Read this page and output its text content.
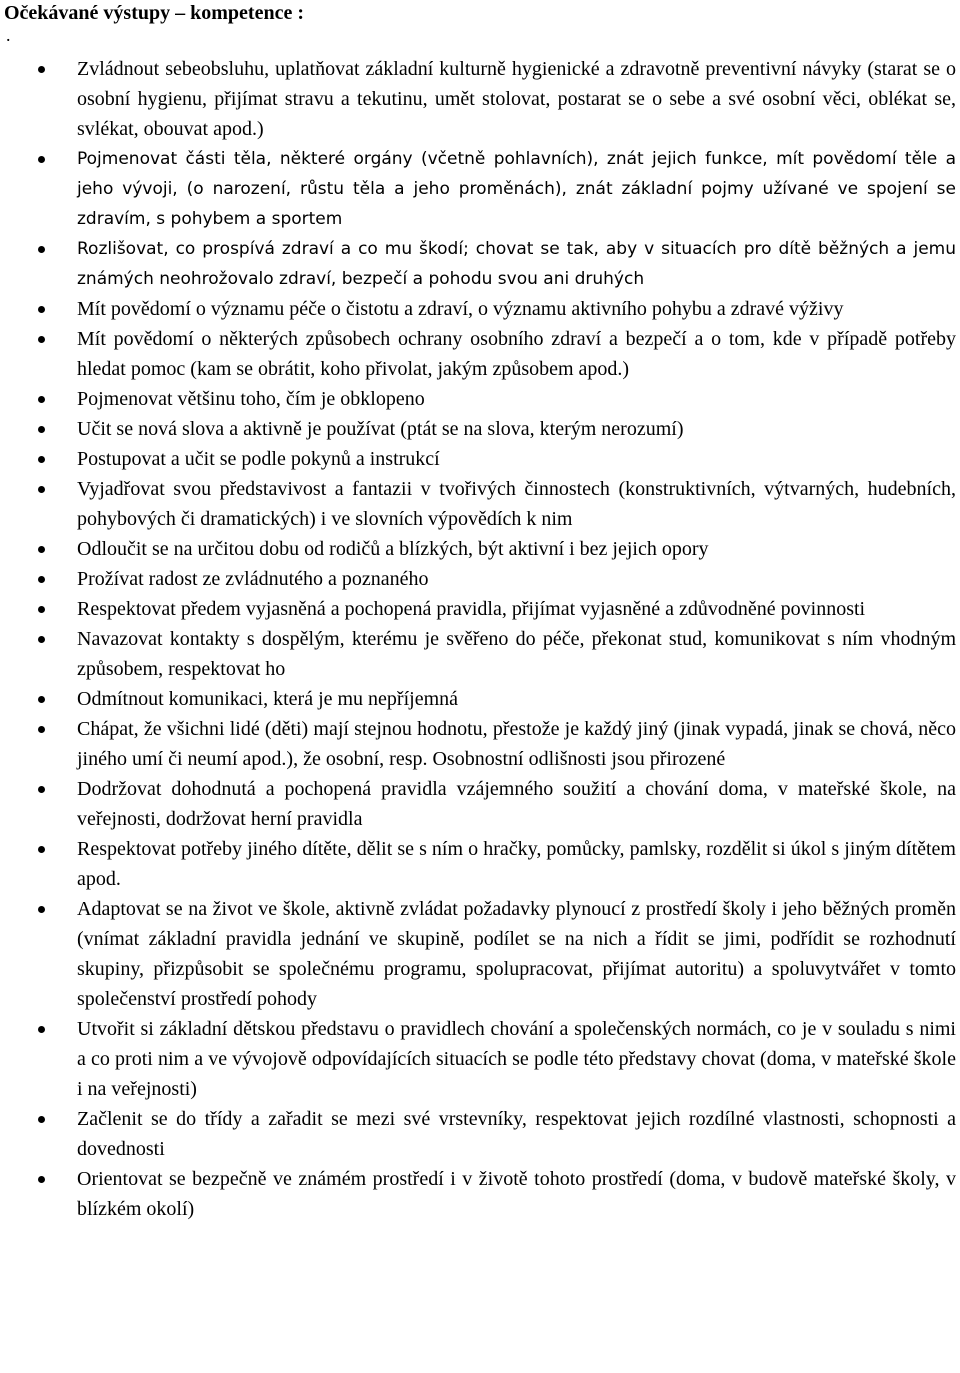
Očekávané výstupy – kompetence :
.
Zvládnout sebeobsluhu, uplatňovat základní kulturně hygienické a zdravotně preventivní návyky (starat se o osobní hygienu, přijímat stravu a tekutinu, umět stolovat, postarat se o sebe a své osobní věci, oblékat se, svlékat, obouvat apod.)
Pojmenovat části těla, některé orgány (včetně pohlavních), znát jejich funkce, mít povědomí těle a jeho vývoji, (o narození, růstu těla a jeho proměnách), znát základní pojmy užívané ve spojení se zdravím, s pohybem a sportem
Rozlišovat, co prospívá zdraví a co mu škodí; chovat se tak, aby v situacích pro dítě běžných a jemu známých neohrožovalo zdraví, bezpečí a pohodu svou ani druhých
Mít povědomí o významu péče o čistotu a zdraví, o významu aktivního pohybu a zdravé výživy
Mít povědomí o některých způsobech ochrany osobního zdraví a bezpečí a o tom, kde v případě potřeby hledat pomoc (kam se obrátit, koho přivolat, jakým způsobem apod.)
Pojmenovat většinu toho, čím je obklopeno
Učit se nová slova a aktivně je používat (ptát se na slova, kterým nerozumí)
Postupovat a učit se podle pokynů a instrukcí
Vyjadřovat svou představivost a fantazii v tvořivých činnostech (konstruktivních, výtvarných, hudebních, pohybových či dramatických) i ve slovních výpovědích k nim
Odloučit se na určitou dobu od rodičů a blízkých, být aktivní i bez jejich opory
Prožívat radost ze zvládnutého a poznaného
Respektovat předem vyjasněná a pochopená pravidla, přijímat vyjasněné a zdůvodněné povinnosti
Navazovat kontakty s dospělým, kterému je svěřeno do péče, překonat stud, komunikovat s ním vhodným způsobem, respektovat ho
Odmítnout komunikaci, která je mu nepříjemná
Chápat, že všichni lidé (děti) mají stejnou hodnotu, přestože je každý jiný (jinak vypadá, jinak se chová, něco jiného umí či neumí apod.), že osobní, resp. Osobnostní odlišnosti jsou přirozené
Dodržovat dohodnutá a pochopená pravidla vzájemného soužití a chování doma, v mateřské škole, na veřejnosti, dodržovat herní pravidla
Respektovat potřeby jiného dítěte, dělit se s ním o hračky, pomůcky, pamlsky, rozdělit si úkol s jiným dítětem apod.
Adaptovat se na život ve škole, aktivně zvládat požadavky plynoucí z prostředí školy i jeho běžných proměn (vnímat základní pravidla jednání ve skupině, podílet se na nich a řídit se jimi, podřídit se rozhodnutí skupiny, přizpůsobit se společnému programu, spolupracovat, přijímat autoritu) a spoluvytvářet v tomto společenství prostředí pohody
Utvořit si základní dětskou představu o pravidlech chování a společenských normách, co je v souladu s nimi a co proti nim a ve vývojově odpovídajících situacích se podle této představy chovat (doma, v mateřské škole i na veřejnosti)
Začlenit se do třídy a zařadit se mezi své vrstevníky, respektovat jejich rozdílné vlastnosti, schopnosti a dovednosti
Orientovat se bezpečně ve známém prostředí i v životě tohoto prostředí (doma, v budově mateřské školy, v blízkém okolí)
